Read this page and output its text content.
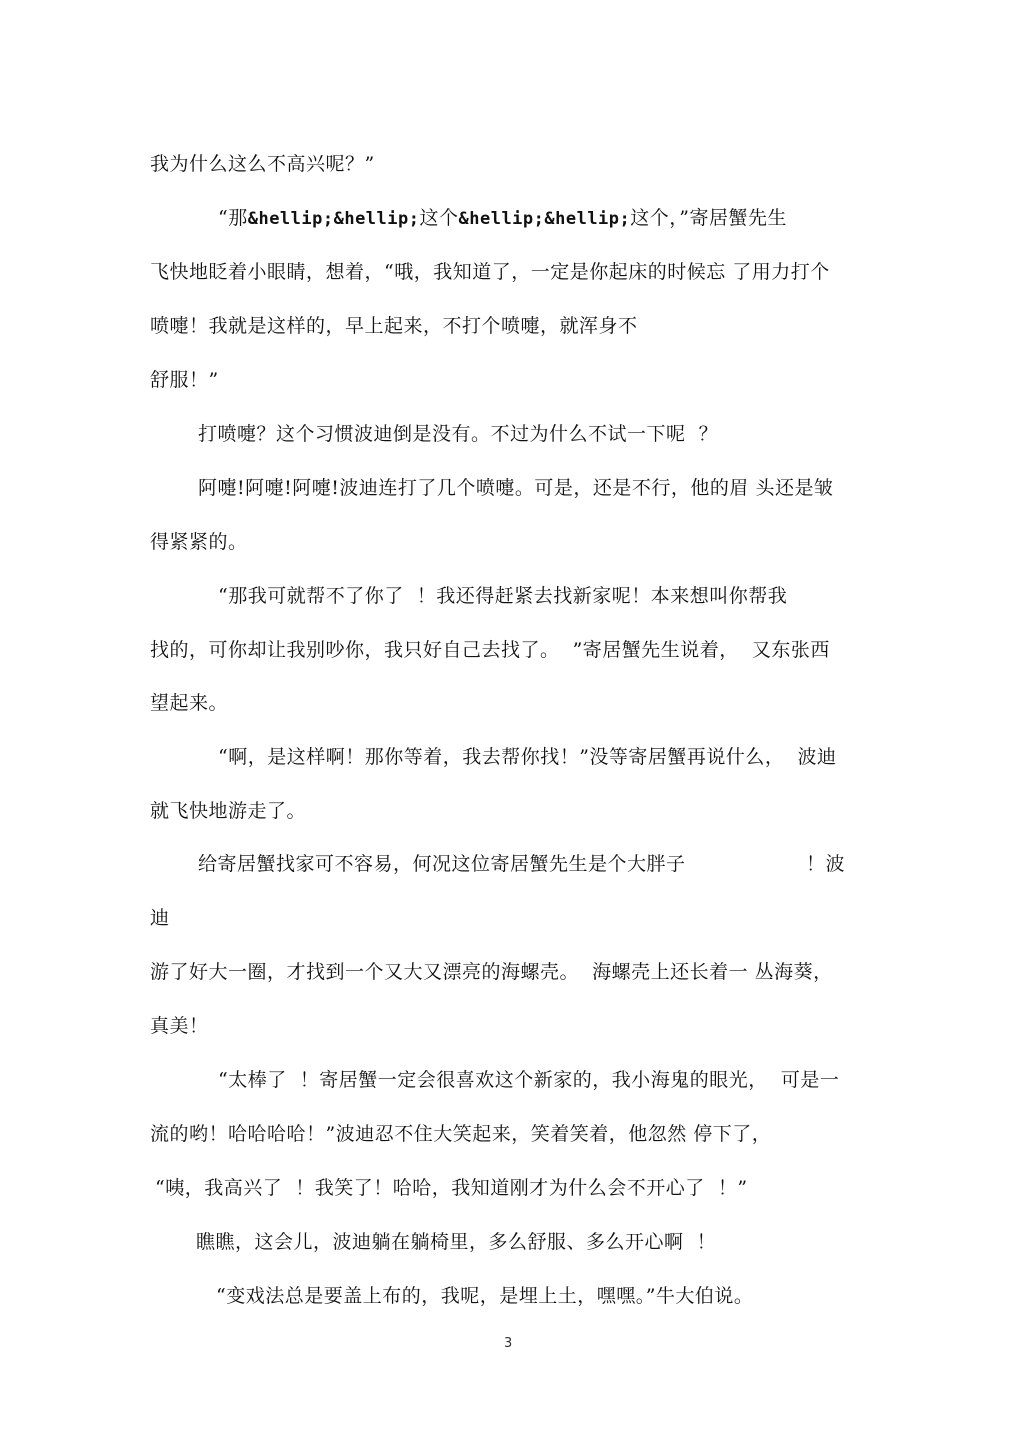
我为什么这么不高兴呢？”
“那&hellip;&hellip;这个&hellip;&hellip;这个，”寄居蟹先生
飞快地眨着小眼睛，想着，“哦，我知道了，一定是你起床的时候忘 了用力打个
喷嚏！我就是这样的，早上起来，不打个喷嚏，就浑身不
舒服！”
打喷嚏？这个习惯波迪倒是没有。不过为什么不试一下呢  ？
阿嚏!阿嚏!阿嚏!波迪连打了几个喷嚏。可是，还是不行，他的眉 头还是皱
得紧紧的。
“那我可就帮不了你了  ！我还得赶紧去找新家呢！本来想叫你帮我
找的，可你却让我别吵你，我只好自己去找了。  ”寄居蟹先生说着，  又东张西
望起来。
“啊，是这样啊！那你等着，我去帮你找！”没等寄居蟹再说什么，  波迪
就飞快地游走了。
给寄居蟹找家可不容易，何况这位寄居蟹先生是个大胖子	！波
迪
游了好大一圈，才找到一个又大又漂亮的海螺壳。  海螺壳上还长着一 丛海葵，
真美！
“太棒了  ！寄居蟹一定会很喜欢这个新家的，我小海鬼的眼光，  可是一
流的哟！哈哈哈哈！”波迪忍不住大笑起来，笑着笑着，他忽然 停下了，
“咦，我高兴了  ！我笑了！哈哈，我知道刚才为什么会不开心了  ！”
瞧瞧，这会儿，波迪躺在躺椅里，多么舒服、多么开心啊  ！
“变戏法总是要盖上布的，我呢，是埋上土，嘿嘿。”牛大伯说。
3
